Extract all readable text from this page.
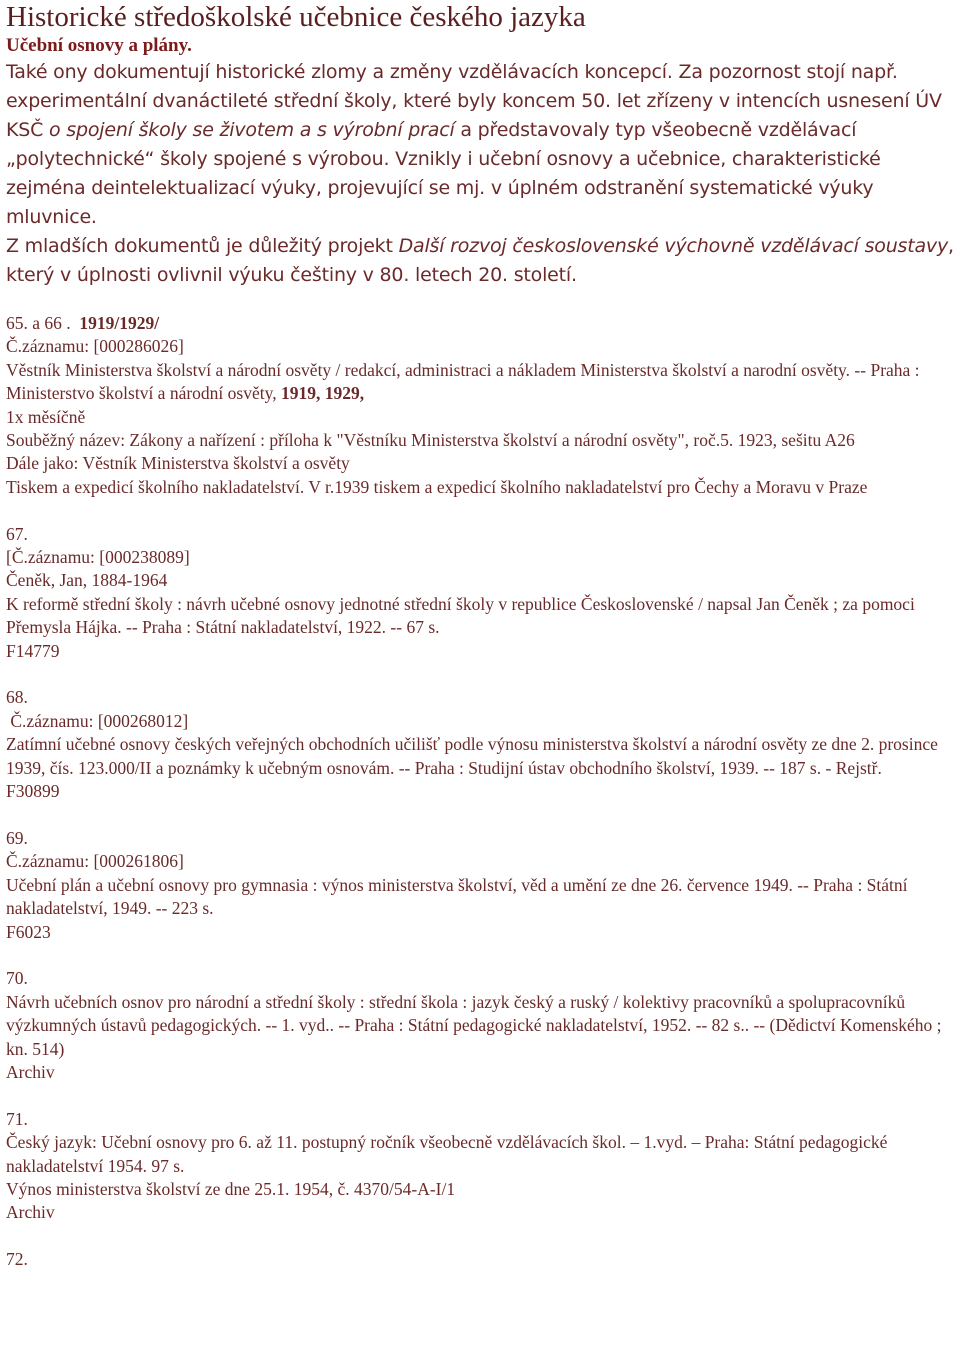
Historické středoškolské učebnice českého jazyka
Učební osnovy a plány.

Také ony dokumentují historické zlomy a změny vzdělávacích koncepcí. Za pozornost stojí např. experimentální dvanáctileté střední školy, které byly koncem 50. let zřízeny v intencích usnesení ÚV KSČ o spojení školy se životem a s výrobní prací a představovaly typ všeobecně vzdělávací „polytechnické“ školy spojené s výrobou. Vznikly i učební osnovy a učebnice, charakteristické zejména deintelektualizací výuky, projevující se mj. v úplném odstranění systematické výuky mluvnice.

Z mladších dokumentů je důležitý projekt Další rozvoj československé výchovně vzdělávací soustavy, který v úplnosti ovlivnil výuku češtiny v 80. letech 20. století.

65. a 66 . 1919/1929/
Č.záznamu: [000286026]
Věstník Ministerstva školství a národní osvěty / redakcí, administraci a nákladem Ministerstva školství a narodní osvěty. -- Praha : Ministerstvo školství a národní osvěty, 1919, 1929,
1x měsíčně
Souběžný název: Zákony a nařízení : příloha k "Věstníku Ministerstva školství a národní osvěty", roč.5. 1923, sešitu A26
Dále jako: Věstník Ministerstva školství a osvěty
Tiskem a expedicí školního nakladatelství. V r.1939 tiskem a expedicí školního nakladatelství pro Čechy a Moravu v Praze
67.
[Č.záznamu: [000238089]
Čeněk, Jan, 1884-1964
K reformě střední školy : návrh učebné osnovy jednotné střední školy v republice Československé / napsal Jan Čeněk ; za pomoci Přemysla Hájka. -- Praha : Státní nakladatelství, 1922. -- 67 s.
F14779
68.
Č.záznamu: [000268012]
Zatímní učebné osnovy českých veřejných obchodních učilišť podle výnosu ministerstva školství a národní osvěty ze dne 2. prosince 1939, čís. 123.000/II a poznámky k učebným osnovám. -- Praha : Studijní ústav obchodního školství, 1939. -- 187 s. - Rejstř.
F30899
69.
Č.záznamu: [000261806]
Učební plán a učební osnovy pro gymnasia : výnos ministerstva školství, věd a umění ze dne 26. července 1949. -- Praha : Státní nakladatelství, 1949. -- 223 s.
F6023
70.
Návrh učebních osnov pro národní a střední školy : střední škola : jazyk český a ruský / kolektivy pracovníků a spolupracovníků výzkumných ústavů pedagogických. -- 1. vyd.. -- Praha : Státní pedagogické nakladatelství, 1952. -- 82 s.. -- (Dědictví Komenského ; kn. 514)
Archiv
71.
Český jazyk: Učební osnovy pro 6. až 11. postupný ročník všeobecně vzdělávacích škol. – 1.vyd. – Praha: Státní pedagogické nakladatelství 1954. 97 s.
Výnos ministerstva školství ze dne 25.1. 1954, č. 4370/54-A-I/1
Archiv
72.
